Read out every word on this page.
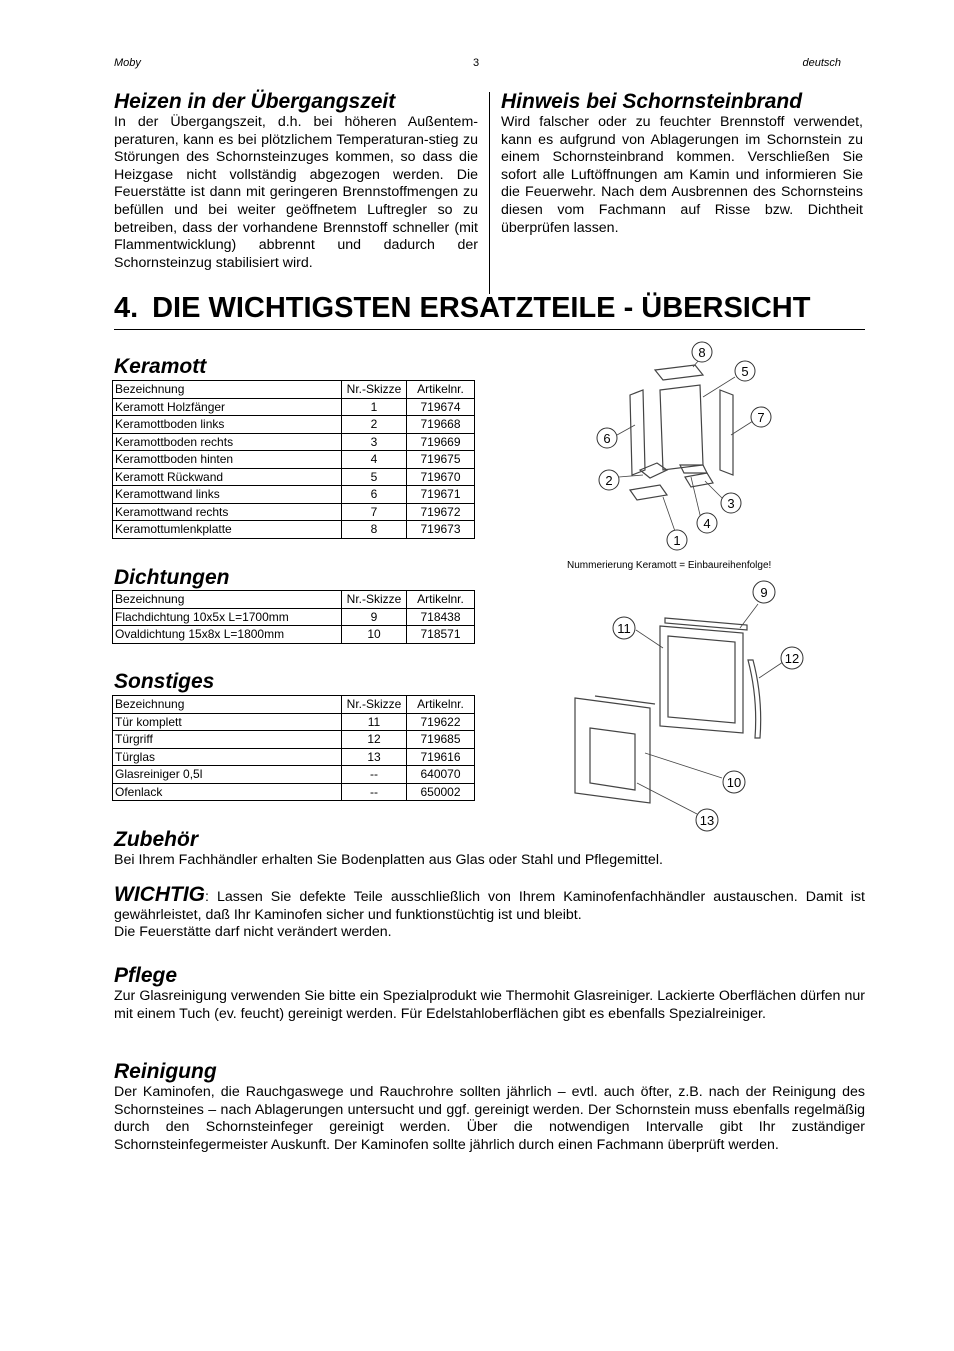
Moby	3	deutsch
Heizen in der Übergangszeit

In der Übergangszeit, d.h. bei höheren Außentem-peraturen, kann es bei plötzlichem Temperaturan-stieg zu Störungen des Schornsteinzuges kommen, so dass die Heizgase nicht vollständig abgezogen werden. Die Feuerstätte ist dann mit geringeren Brennstoffmengen zu befüllen und bei weiter geöffnetem Luftregler so zu betreiben, dass der vorhandene Brennstoff schneller (mit Flammentwicklung) abbrennt und dadurch der Schornsteinzug stabilisiert wird.

Hinweis bei Schornsteinbrand

Wird falscher oder zu feuchter Brennstoff verwendet, kann es aufgrund von Ablagerungen im Schornstein zu einem Schornsteinbrand kommen. Verschließen Sie sofort alle Luftöffnungen am Kamin und informieren Sie die Feuerwehr. Nach dem Ausbrennen des Schornsteins diesen vom Fachmann auf Risse bzw. Dichtheit überprüfen lassen.

4. DIE WICHTIGSTEN ERSATZTEILE - ÜBERSICHT
Keramott
Bezeichnung	Nr.-Skizze	Artikelnr.
Keramott Holzfänger	1	719674
Keramottboden links	2	719668
Keramottboden rechts	3	719669
Keramottboden hinten	4	719675
Keramott Rückwand	5	719670
Keramottwand links	6	719671
Keramottwand rechts	7	719672
Keramottumlenkplatte	8	719673
Dichtungen
Bezeichnung	Nr.-Skizze	Artikelnr.
Flachdichtung 10x5x L=1700mm	9	718438
Ovaldichtung 15x8x L=1800mm	10	718571
Sonstiges
Bezeichnung	Nr.-Skizze	Artikelnr.
Tür komplett	11	719622
Türgriff	12	719685
Türglas	13	719616
Glasreiniger 0,5l	--	640070
Ofenlack	--	650002
1
2
3
4
5
6
7
8
Nummerierung Keramott = Einbaureihenfolge!
9
10
11
12
13
Zubehör

Bei Ihrem Fachhändler erhalten Sie Bodenplatten aus Glas oder Stahl und Pflegemittel.

WICHTIG: Lassen Sie defekte Teile ausschließlich von Ihrem Kaminofenfachhändler austauschen. Damit ist gewährleistet, daß Ihr Kaminofen sicher und funktionstüchtig ist und bleibt.

Die Feuerstätte darf nicht verändert werden.

Pflege

Zur Glasreinigung verwenden Sie bitte ein Spezialprodukt wie Thermohit Glasreiniger. Lackierte Oberflächen dürfen nur mit einem Tuch (ev. feucht) gereinigt werden. Für Edelstahloberflächen gibt es ebenfalls Spezialreiniger.

Reinigung

Der Kaminofen, die Rauchgaswege und Rauchrohre sollten jährlich – evtl. auch öfter, z.B. nach der Reinigung des Schornsteines – nach Ablagerungen untersucht und ggf. gereinigt werden. Der Schornstein muss ebenfalls regelmäßig durch den Schornsteinfeger gereinigt werden. Über die notwendigen Intervalle gibt Ihr zuständiger Schornsteinfegermeister Auskunft. Der Kaminofen sollte jährlich durch einen Fachmann überprüft werden.
